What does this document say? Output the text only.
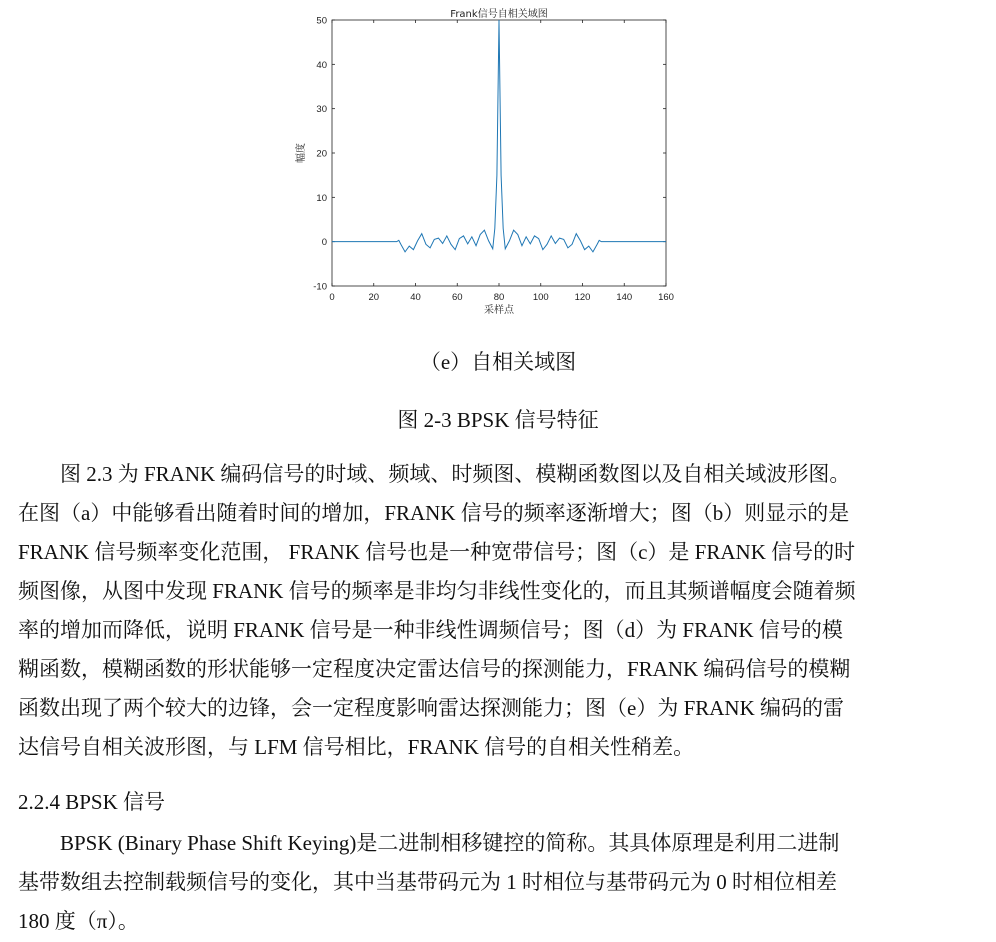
0	20	40	60	80	100	120	140	160
-10
0
10
20
30
40
50
Frank信号自相关域图
采样点
幅度
（e）自相关域图
图 2-3 BPSK 信号特征
图 2.3 为 FRANK 编码信号的时域、频域、时频图、模糊函数图以及自相关域波形图。
在图（a）中能够看出随着时间的增加，FRANK 信号的频率逐渐增大；图（b）则显示的是
FRANK 信号频率变化范围， FRANK 信号也是一种宽带信号；图（c）是 FRANK 信号的时
频图像，从图中发现 FRANK 信号的频率是非均匀非线性变化的，而且其频谱幅度会随着频
率的增加而降低，说明 FRANK 信号是一种非线性调频信号；图（d）为 FRANK 信号的模
糊函数，模糊函数的形状能够一定程度决定雷达信号的探测能力，FRANK 编码信号的模糊
函数出现了两个较大的边锋，会一定程度影响雷达探测能力；图（e）为 FRANK 编码的雷
达信号自相关波形图，与 LFM 信号相比，FRANK 信号的自相关性稍差。
2.2.4 BPSK 信号
BPSK (Binary Phase Shift Keying)是二进制相移键控的简称。其具体原理是利用二进制
基带数组去控制载频信号的变化，其中当基带码元为 1 时相位与基带码元为 0 时相位相差
180 度（π）。
